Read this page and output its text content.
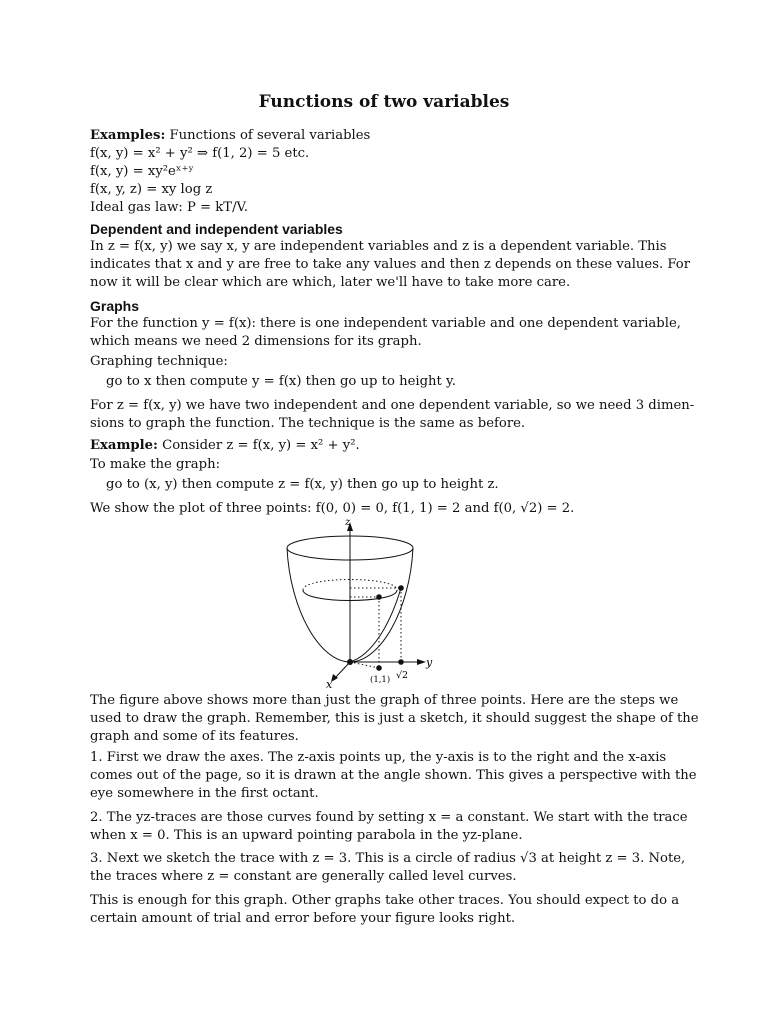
Functions of two variables
Examples: Functions of several variables
f(x, y) = x² + y² ⇒ f(1, 2) = 5 etc.
f(x, y) = xy²eˣ⁺ʸ
f(x, y, z) = xy log z
Ideal gas law: P = kT/V.
Dependent and independent variables
In z = f(x, y) we say x, y are independent variables and z is a dependent variable. This
indicates that x and y are free to take any values and then z depends on these values. For
now it will be clear which are which, later we'll have to take more care.
Graphs
For the function y = f(x): there is one independent variable and one dependent variable,
which means we need 2 dimensions for its graph.
Graphing technique:
go to x then compute y = f(x) then go up to height y.
For z = f(x, y) we have two independent and one dependent variable, so we need 3 dimen-
sions to graph the function. The technique is the same as before.
Example: Consider z = f(x, y) = x² + y².
To make the graph:
go to (x, y) then compute z = f(x, y) then go up to height z.
We show the plot of three points: f(0, 0) = 0, f(1, 1) = 2 and f(0, √2) = 2.
z
y
x	(1,1) √2
The figure above shows more than just the graph of three points. Here are the steps we
used to draw the graph. Remember, this is just a sketch, it should suggest the shape of the
graph and some of its features.
1. First we draw the axes. The z-axis points up, the y-axis is to the right and the x-axis
comes out of the page, so it is drawn at the angle shown. This gives a perspective with the
eye somewhere in the first octant.
2. The yz-traces are those curves found by setting x = a constant. We start with the trace
when x = 0. This is an upward pointing parabola in the yz-plane.
3. Next we sketch the trace with z = 3. This is a circle of radius √3 at height z = 3. Note,
the traces where z = constant are generally called level curves.
This is enough for this graph. Other graphs take other traces. You should expect to do a
certain amount of trial and error before your figure looks right.
